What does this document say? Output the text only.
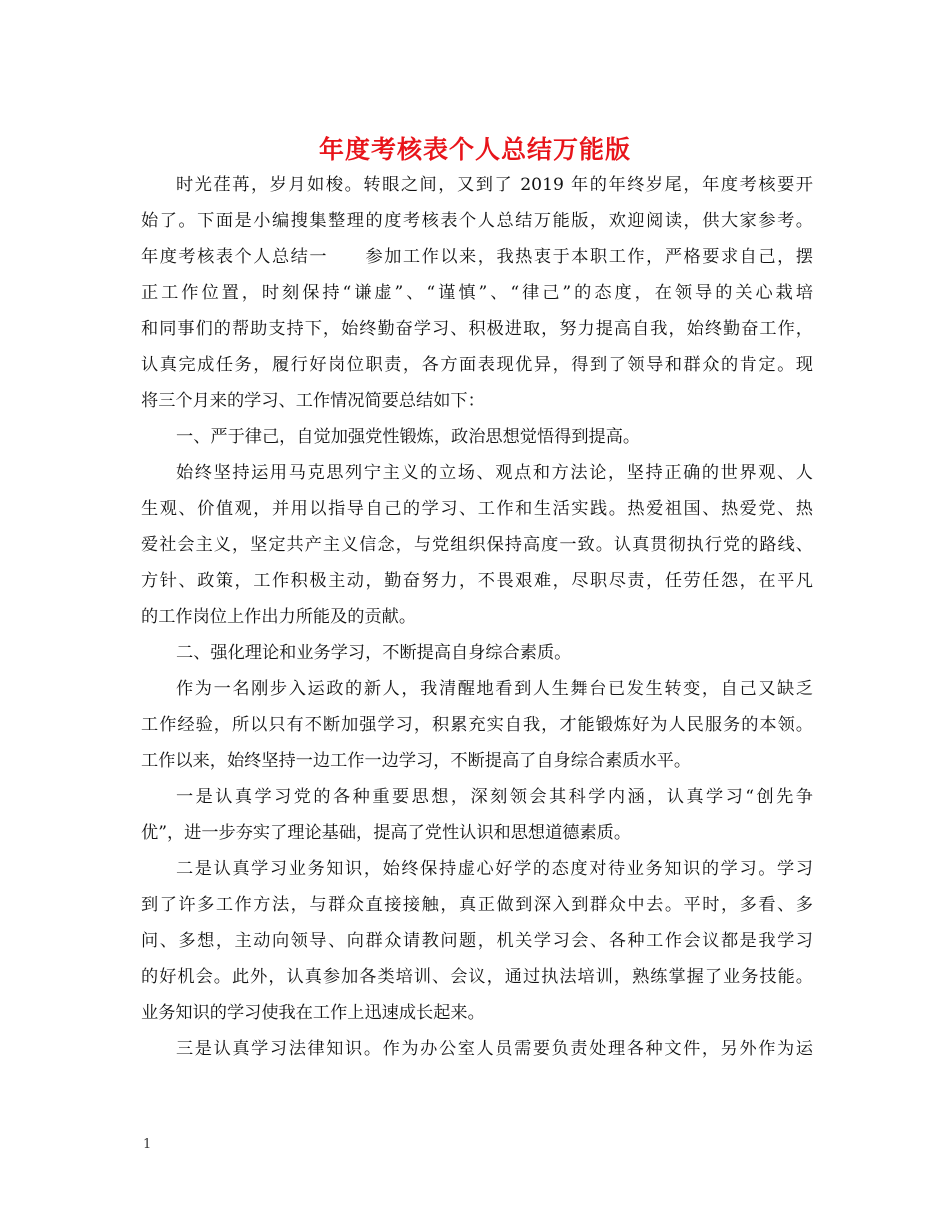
年度考核表个人总结万能版
时光荏苒，岁月如梭。转眼之间，又到了 2019 年的年终岁尾，年度考核要开
始了。下面是小编搜集整理的度考核表个人总结万能版，欢迎阅读，供大家参考。
年度考核表个人总结一　　参加工作以来，我热衷于本职工作，严格要求自己，摆
正工作位置，时刻保持“谦虚”、“谨慎”、“律己”的态度，在领导的关心栽培
和同事们的帮助支持下，始终勤奋学习、积极进取，努力提高自我，始终勤奋工作，
认真完成任务，履行好岗位职责，各方面表现优异，得到了领导和群众的肯定。现
将三个月来的学习、工作情况简要总结如下：
一、严于律己，自觉加强党性锻炼，政治思想觉悟得到提高。
始终坚持运用马克思列宁主义的立场、观点和方法论，坚持正确的世界观、人
生观、价值观，并用以指导自己的学习、工作和生活实践。热爱祖国、热爱党、热
爱社会主义，坚定共产主义信念，与党组织保持高度一致。认真贯彻执行党的路线、
方针、政策，工作积极主动，勤奋努力，不畏艰难，尽职尽责，任劳任怨，在平凡
的工作岗位上作出力所能及的贡献。
二、强化理论和业务学习，不断提高自身综合素质。
作为一名刚步入运政的新人，我清醒地看到人生舞台已发生转变，自己又缺乏
工作经验，所以只有不断加强学习，积累充实自我，才能锻炼好为人民服务的本领。
工作以来，始终坚持一边工作一边学习，不断提高了自身综合素质水平。
一是认真学习党的各种重要思想，深刻领会其科学内涵，认真学习“创先争
优”，进一步夯实了理论基础，提高了党性认识和思想道德素质。
二是认真学习业务知识，始终保持虚心好学的态度对待业务知识的学习。学习
到了许多工作方法，与群众直接接触，真正做到深入到群众中去。平时，多看、多
问、多想，主动向领导、向群众请教问题，机关学习会、各种工作会议都是我学习
的好机会。此外，认真参加各类培训、会议，通过执法培训，熟练掌握了业务技能。
业务知识的学习使我在工作上迅速成长起来。
三是认真学习法律知识。作为办公室人员需要负责处理各种文件，另外作为运
1
